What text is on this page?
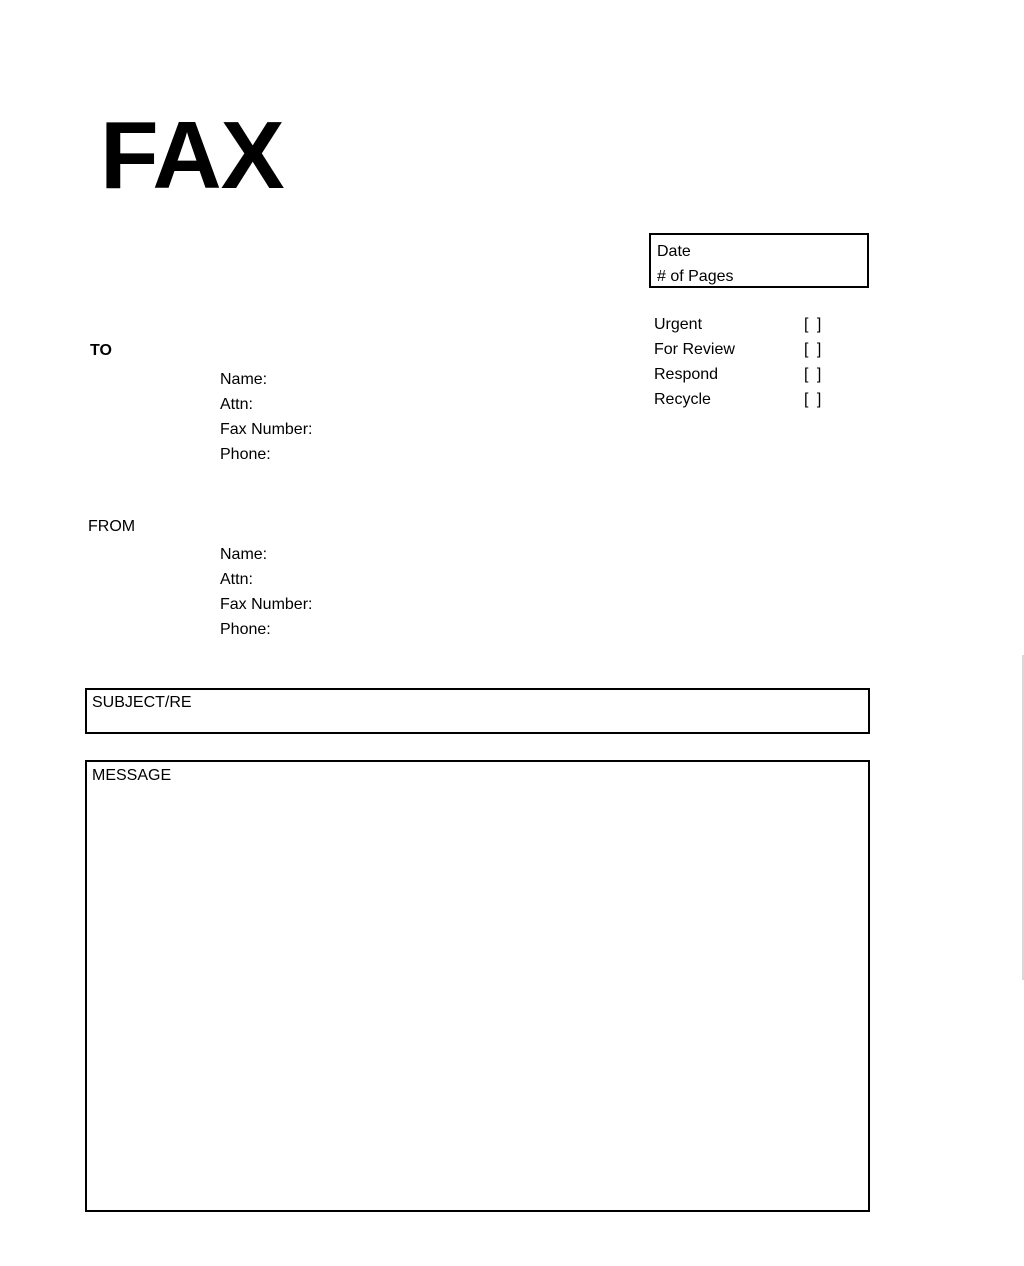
FAX
Date
# of Pages
Urgent	[ ]
For Review	[ ]
Respond	[ ]
Recycle	[ ]
TO
Name:
Attn:
Fax Number:
Phone:
FROM
Name:
Attn:
Fax Number:
Phone:
SUBJECT/RE
MESSAGE
